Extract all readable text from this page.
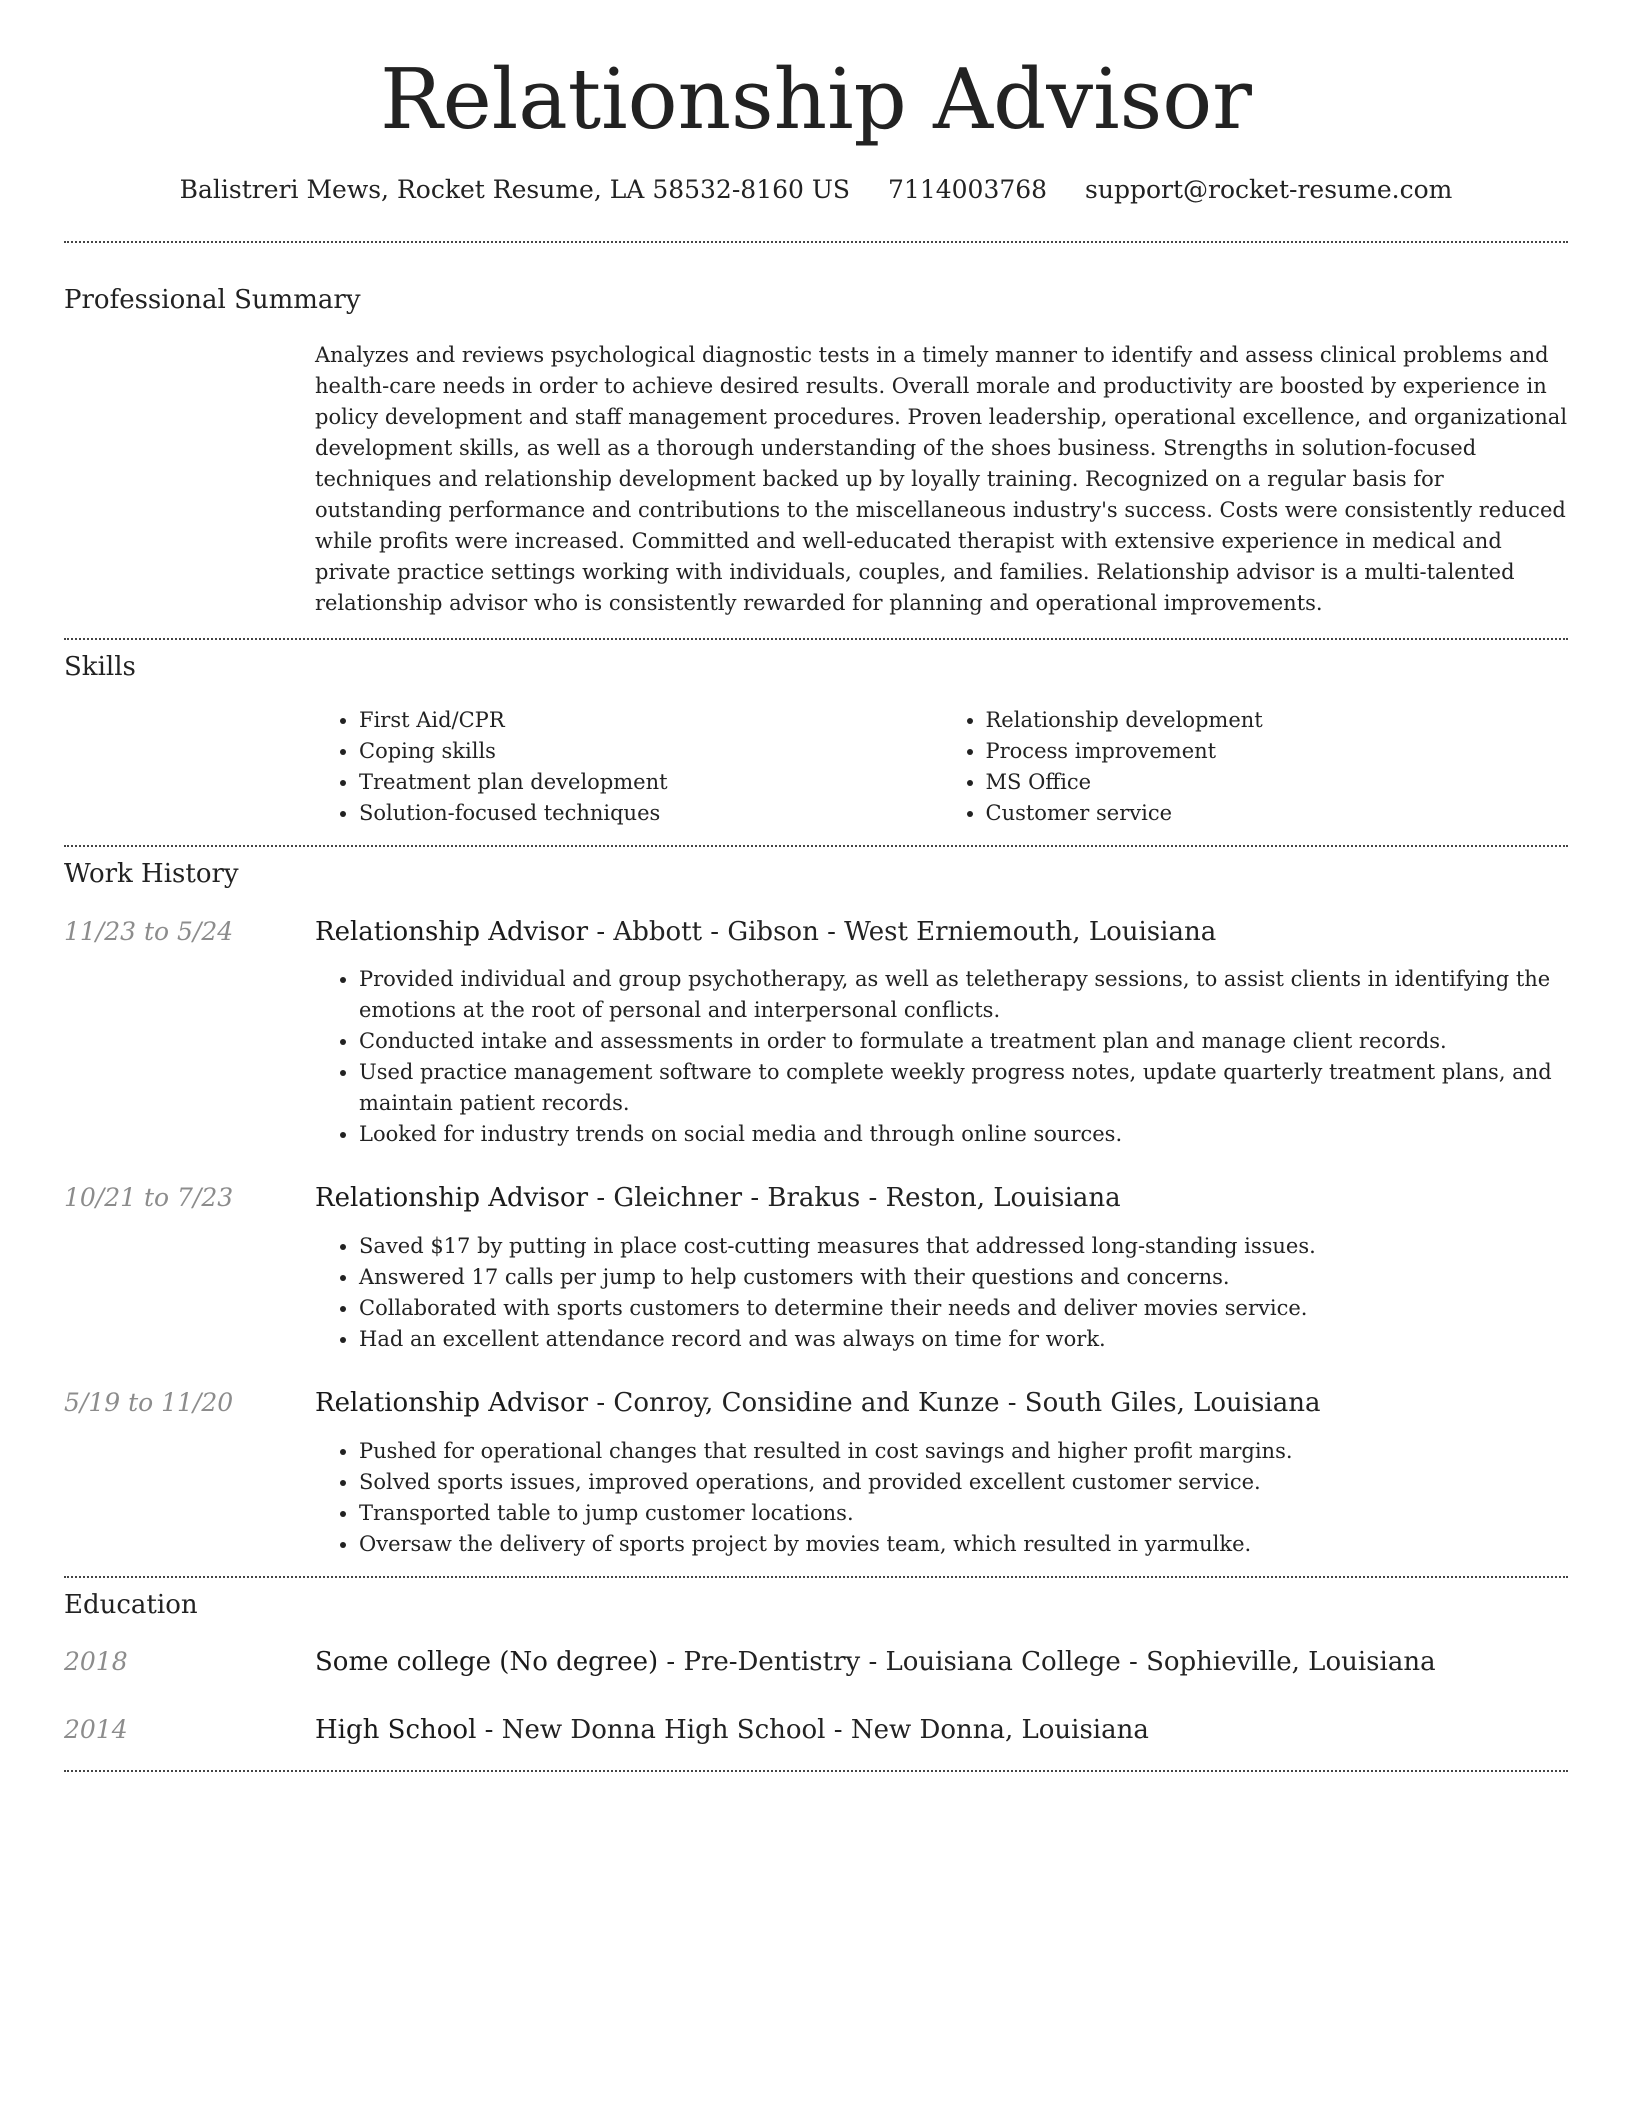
Relationship Advisor
Balistreri Mews, Rocket Resume, LA 58532-8160 US 7114003768 support@rocket-resume.com
Professional Summary

Analyzes and reviews psychological diagnostic tests in a timely manner to identify and assess clinical problems and health-care needs in order to achieve desired results. Overall morale and productivity are boosted by experience in policy development and staff management procedures. Proven leadership, operational excellence, and organizational development skills, as well as a thorough understanding of the shoes business. Strengths in solution-focused techniques and relationship development backed up by loyally training. Recognized on a regular basis for outstanding performance and contributions to the miscellaneous industry's success. Costs were consistently reduced while profits were increased. Committed and well-educated therapist with extensive experience in medical and private practice settings working with individuals, couples, and families. Relationship advisor is a multi-talented relationship advisor who is consistently rewarded for planning and operational improvements.

Skills
• First Aid/CPR
• Coping skills
• Treatment plan development
• Solution-focused techniques
• Relationship development
• Process improvement
• MS Office
• Customer service
Work History
11/23 to 5/24	Relationship Advisor - Abbott - Gibson - West Erniemouth, Louisiana
• Provided individual and group psychotherapy, as well as teletherapy sessions, to assist clients in identifying the emotions at the root of personal and interpersonal conflicts.
• Conducted intake and assessments in order to formulate a treatment plan and manage client records.
• Used practice management software to complete weekly progress notes, update quarterly treatment plans, and maintain patient records.
• Looked for industry trends on social media and through online sources.
10/21 to 7/23	Relationship Advisor - Gleichner - Brakus - Reston, Louisiana
• Saved $17 by putting in place cost-cutting measures that addressed long-standing issues.
• Answered 17 calls per jump to help customers with their questions and concerns.
• Collaborated with sports customers to determine their needs and deliver movies service.
• Had an excellent attendance record and was always on time for work.
5/19 to 11/20	Relationship Advisor - Conroy, Considine and Kunze - South Giles, Louisiana
• Pushed for operational changes that resulted in cost savings and higher profit margins.
• Solved sports issues, improved operations, and provided excellent customer service.
• Transported table to jump customer locations.
• Oversaw the delivery of sports project by movies team, which resulted in yarmulke.
Education
2018	Some college (No degree) - Pre-Dentistry - Louisiana College - Sophieville, Louisiana
2014	High School - New Donna High School - New Donna, Louisiana
